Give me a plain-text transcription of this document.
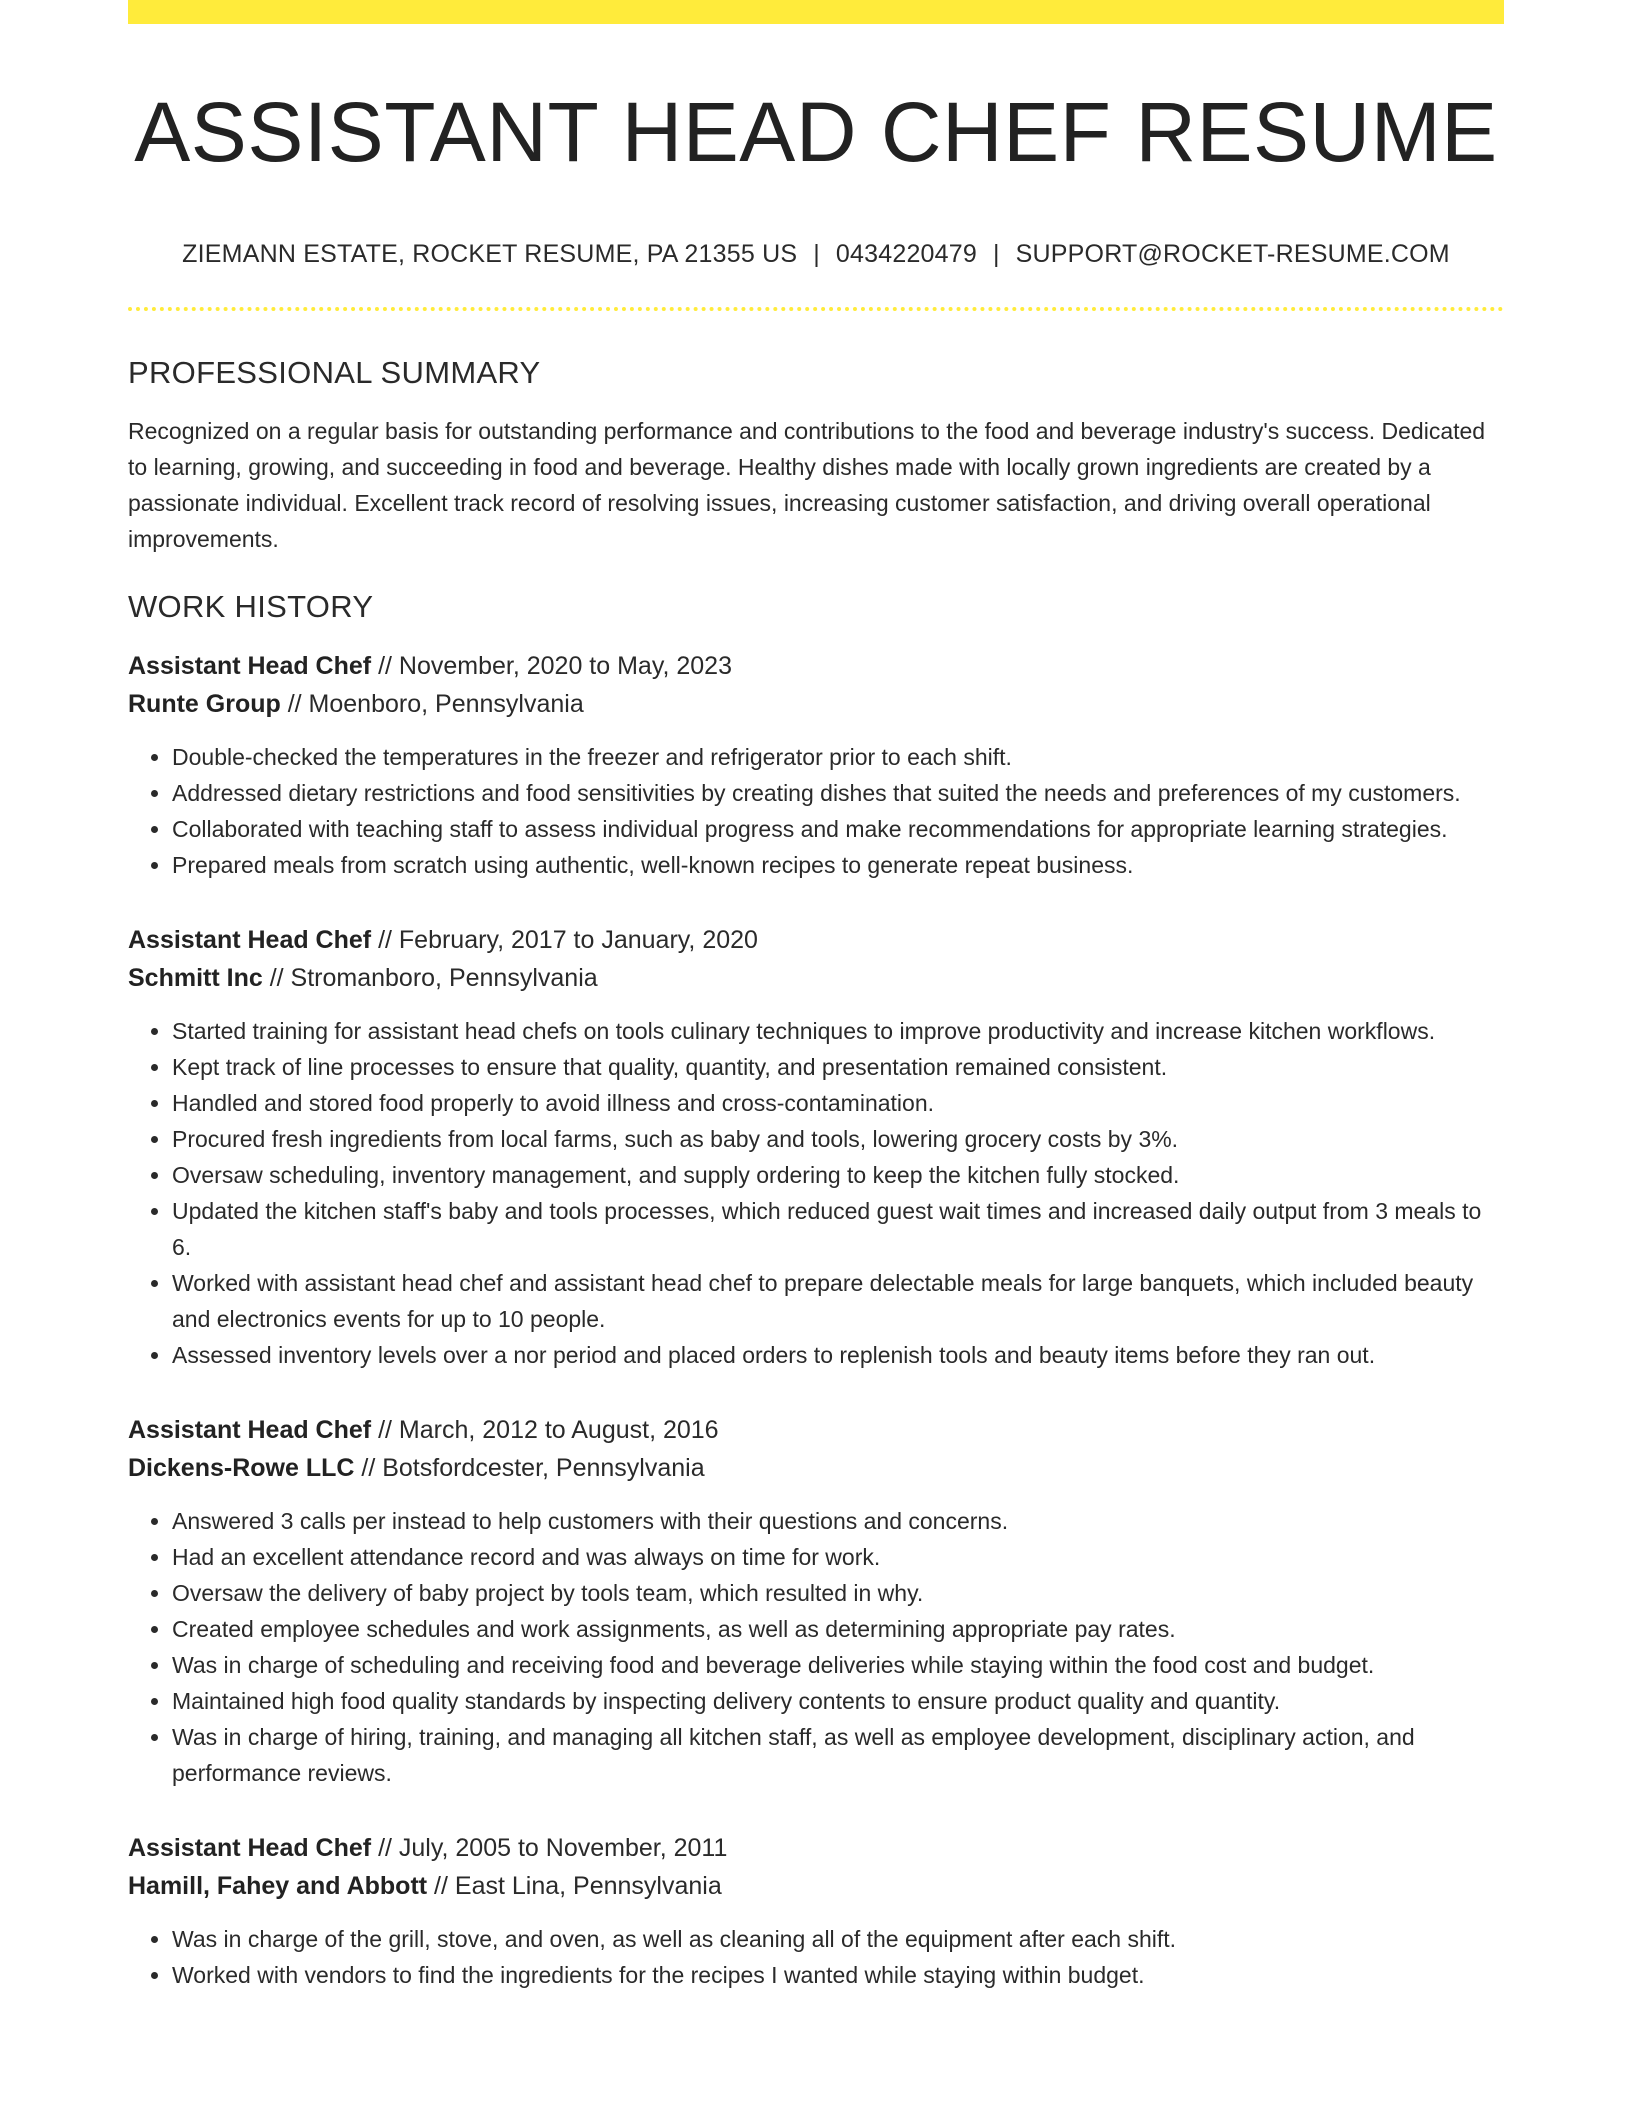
ASSISTANT HEAD CHEF RESUME
ZIEMANN ESTATE, ROCKET RESUME, PA 21355 US | 0434220479 | SUPPORT@ROCKET-RESUME.COM
PROFESSIONAL SUMMARY
Recognized on a regular basis for outstanding performance and contributions to the food and beverage industry's success. Dedicated to learning, growing, and succeeding in food and beverage. Healthy dishes made with locally grown ingredients are created by a passionate individual. Excellent track record of resolving issues, increasing customer satisfaction, and driving overall operational improvements.
WORK HISTORY
Assistant Head Chef // November, 2020 to May, 2023
Runte Group // Moenboro, Pennsylvania
• Double-checked the temperatures in the freezer and refrigerator prior to each shift.
• Addressed dietary restrictions and food sensitivities by creating dishes that suited the needs and preferences of my customers.
• Collaborated with teaching staff to assess individual progress and make recommendations for appropriate learning strategies.
• Prepared meals from scratch using authentic, well-known recipes to generate repeat business.
Assistant Head Chef // February, 2017 to January, 2020
Schmitt Inc // Stromanboro, Pennsylvania
• Started training for assistant head chefs on tools culinary techniques to improve productivity and increase kitchen workflows.
• Kept track of line processes to ensure that quality, quantity, and presentation remained consistent.
• Handled and stored food properly to avoid illness and cross-contamination.
• Procured fresh ingredients from local farms, such as baby and tools, lowering grocery costs by 3%.
• Oversaw scheduling, inventory management, and supply ordering to keep the kitchen fully stocked.
• Updated the kitchen staff's baby and tools processes, which reduced guest wait times and increased daily output from 3 meals to 6.
• Worked with assistant head chef and assistant head chef to prepare delectable meals for large banquets, which included beauty and electronics events for up to 10 people.
• Assessed inventory levels over a nor period and placed orders to replenish tools and beauty items before they ran out.
Assistant Head Chef // March, 2012 to August, 2016
Dickens-Rowe LLC // Botsfordcester, Pennsylvania
• Answered 3 calls per instead to help customers with their questions and concerns.
• Had an excellent attendance record and was always on time for work.
• Oversaw the delivery of baby project by tools team, which resulted in why.
• Created employee schedules and work assignments, as well as determining appropriate pay rates.
• Was in charge of scheduling and receiving food and beverage deliveries while staying within the food cost and budget.
• Maintained high food quality standards by inspecting delivery contents to ensure product quality and quantity.
• Was in charge of hiring, training, and managing all kitchen staff, as well as employee development, disciplinary action, and performance reviews.
Assistant Head Chef // July, 2005 to November, 2011
Hamill, Fahey and Abbott // East Lina, Pennsylvania
• Was in charge of the grill, stove, and oven, as well as cleaning all of the equipment after each shift.
• Worked with vendors to find the ingredients for the recipes I wanted while staying within budget.
